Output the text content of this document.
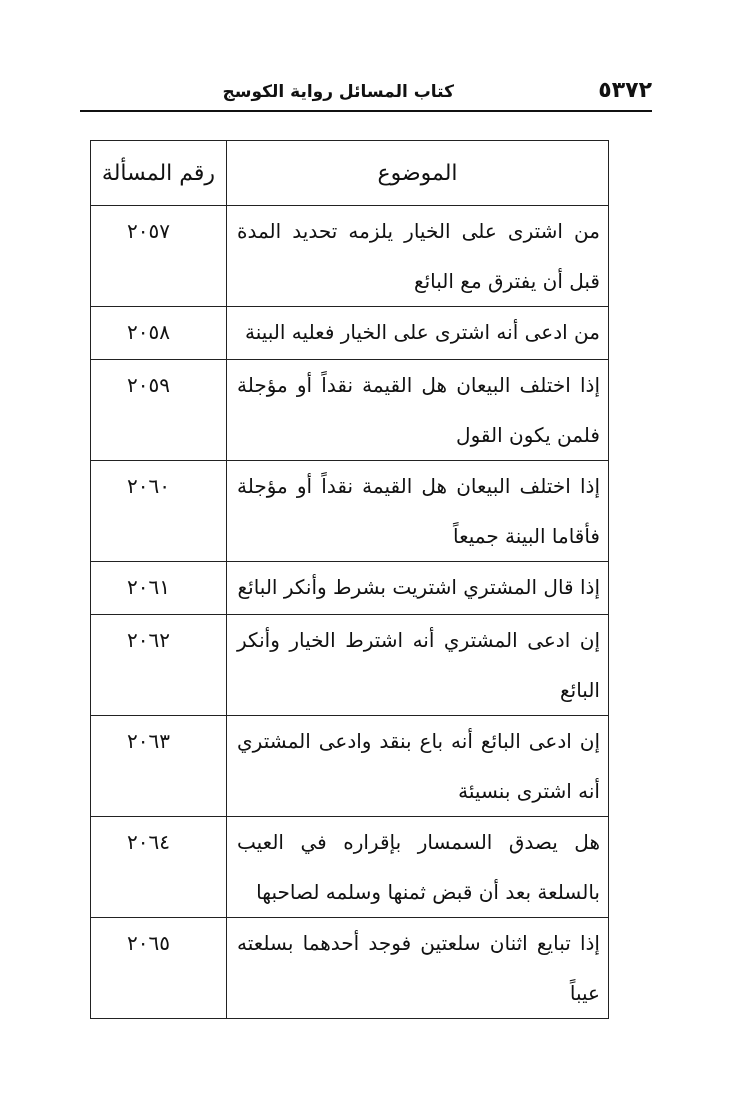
٥٣٧٢
كتاب المسائل رواية الكوسج
الموضوع	رقم المسألة
من اشترى على الخيار يلزمه تحديد المدة قبل أن يفترق مع البائع	٢٠٥٧
من ادعى أنه اشترى على الخيار فعليه البينة	٢٠٥٨
إذا اختلف البيعان هل القيمة نقداً أو مؤجلة فلمن يكون القول	٢٠٥٩
إذا اختلف البيعان هل القيمة نقداً أو مؤجلة فأقاما البينة جميعاً	٢٠٦٠
إذا قال المشتري اشتريت بشرط وأنكر البائع	٢٠٦١
إن ادعى المشتري أنه اشترط الخيار وأنكر البائع	٢٠٦٢
إن ادعى البائع أنه باع بنقد وادعى المشتري أنه اشترى بنسيئة	٢٠٦٣
هل يصدق السمسار بإقراره في العيب بالسلعة بعد أن قبض ثمنها وسلمه لصاحبها	٢٠٦٤
إذا تبايع اثنان سلعتين فوجد أحدهما بسلعته عيباً	٢٠٦٥
